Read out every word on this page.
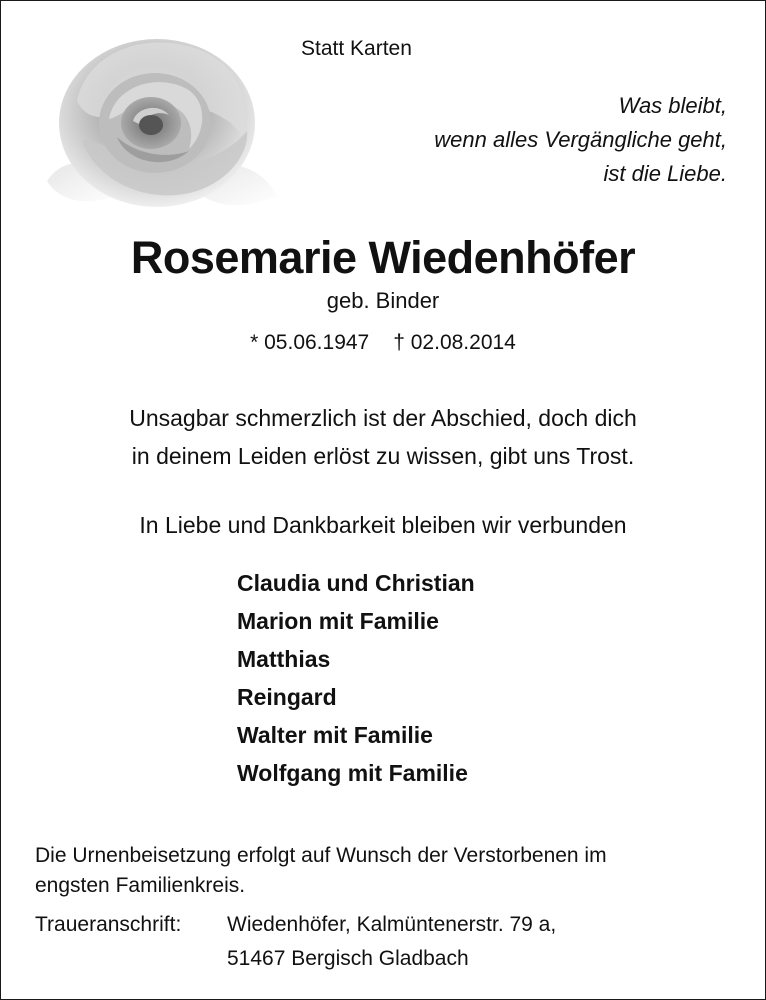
Statt Karten

Was bleibt,
wenn alles Vergängliche geht,
ist die Liebe.

Rosemarie Wiedenhöfer

geb. Binder

* 05.06.1947 † 02.08.2014

Unsagbar schmerzlich ist der Abschied, doch dich
in deinem Leiden erlöst zu wissen, gibt uns Trost.

In Liebe und Dankbarkeit bleiben wir verbunden

Claudia und Christian
Marion mit Familie
Matthias
Reingard
Walter mit Familie
Wolfgang mit Familie

Die Urnenbeisetzung erfolgt auf Wunsch der Verstorbenen im
engsten Familienkreis.

Traueranschrift: Wiedenhöfer, Kalmüntenerstr. 79 a,
51467 Bergisch Gladbach
